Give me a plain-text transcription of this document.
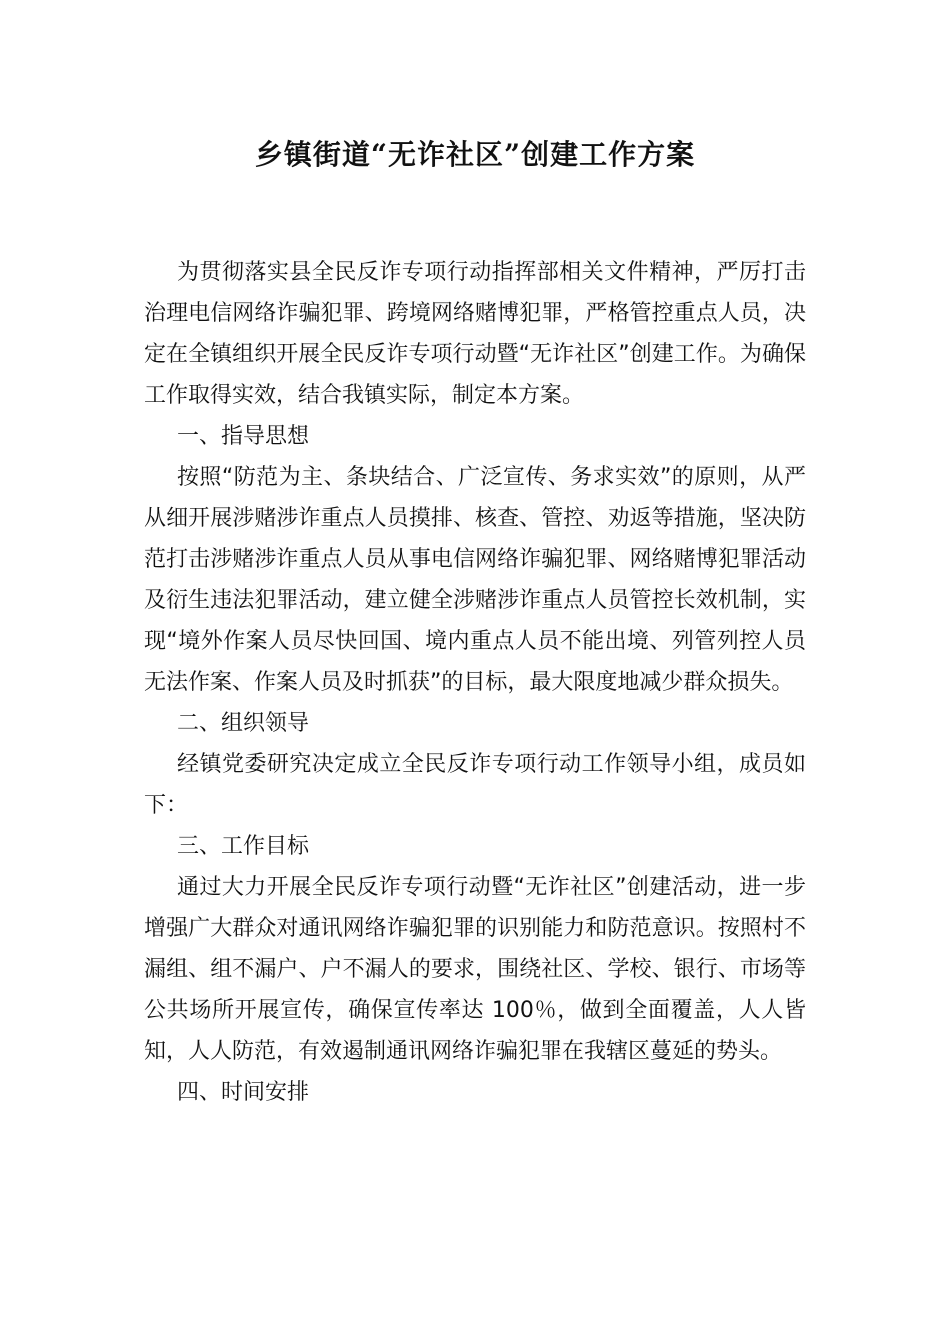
乡镇街道“无诈社区”创建工作方案

为贯彻落实县全民反诈专项行动指挥部相关文件精神，严厉打击治理电信网络诈骗犯罪、跨境网络赌博犯罪，严格管控重点人员，决定在全镇组织开展全民反诈专项行动暨“无诈社区”创建工作。为确保工作取得实效，结合我镇实际，制定本方案。

一、指导思想

按照“防范为主、条块结合、广泛宣传、务求实效”的原则，从严从细开展涉赌涉诈重点人员摸排、核查、管控、劝返等措施，坚决防范打击涉赌涉诈重点人员从事电信网络诈骗犯罪、网络赌博犯罪活动及衍生违法犯罪活动，建立健全涉赌涉诈重点人员管控长效机制，实现“境外作案人员尽快回国、境内重点人员不能出境、列管列控人员无法作案、作案人员及时抓获”的目标，最大限度地减少群众损失。

二、组织领导

经镇党委研究决定成立全民反诈专项行动工作领导小组，成员如下：

三、工作目标

通过大力开展全民反诈专项行动暨“无诈社区”创建活动，进一步增强广大群众对通讯网络诈骗犯罪的识别能力和防范意识。按照村不漏组、组不漏户、户不漏人的要求，围绕社区、学校、银行、市场等公共场所开展宣传，确保宣传率达 100％，做到全面覆盖，人人皆知，人人防范，有效遏制通讯网络诈骗犯罪在我辖区蔓延的势头。

四、时间安排
